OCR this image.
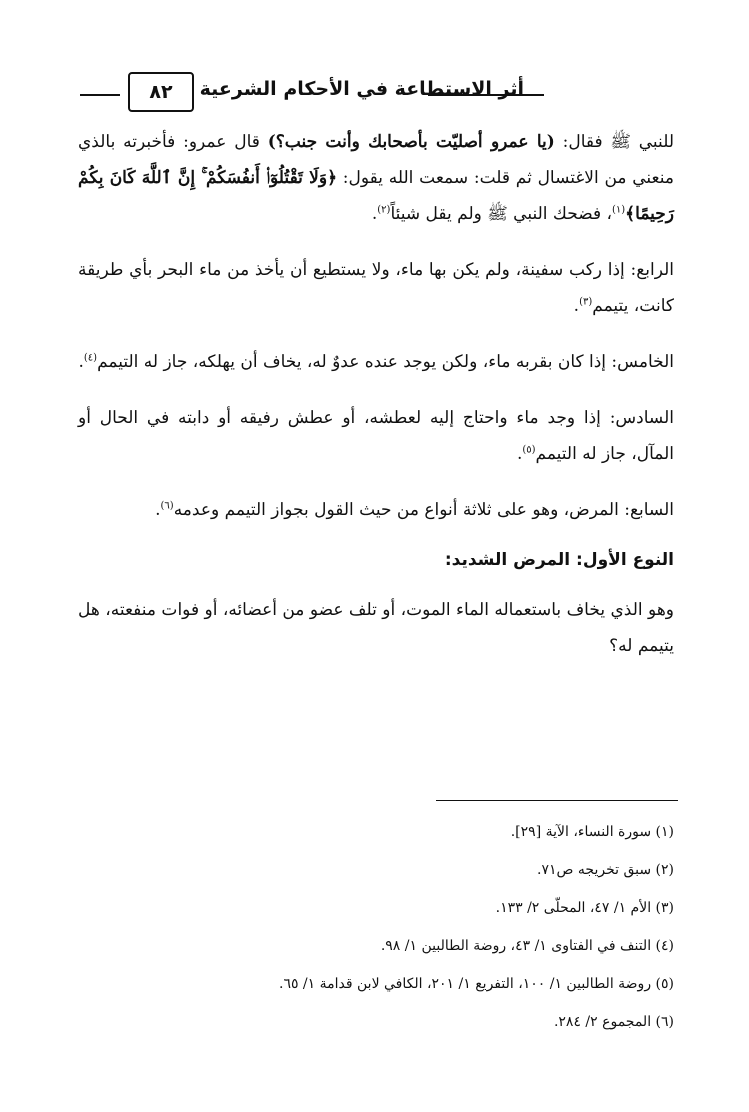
٨٢	أثر الاستطاعة في الأحكام الشرعية

للنبي ﷺ فقال: (يا عمرو أصليّت بأصحابك وأنت جنب؟) قال عمرو: فأخبرته بالذي منعني من الاغتسال ثم قلت: سمعت الله يقول: ﴿وَلَا تَقْتُلُوٓا۟ أَنفُسَكُمْ ۚ إِنَّ ٱللَّهَ كَانَ بِكُمْ رَحِيمًا﴾$^{(١)}$، فضحك النبي ﷺ ولم يقل شيئاً$^{(٢)}$.

الرابع: إذا ركب سفينة، ولم يكن بها ماء، ولا يستطيع أن يأخذ من ماء البحر بأي طريقة كانت، يتيمم$^{(٣)}$.

الخامس: إذا كان بقربه ماء، ولكن يوجد عنده عدوٌ له، يخاف أن يهلكه، جاز له التيمم$^{(٤)}$.

السادس: إذا وجد ماء واحتاج إليه لعطشه، أو عطش رفيقه أو دابته في الحال أو المآل، جاز له التيمم$^{(٥)}$.

السابع: المرض، وهو على ثلاثة أنواع من حيث القول بجواز التيمم وعدمه$^{(٦)}$.

النوع الأول: المرض الشديد:

وهو الذي يخاف باستعماله الماء الموت، أو تلف عضو من أعضائه، أو فوات منفعته، هل يتيمم له؟

(١) سورة النساء، الآية [٢٩].

(٢) سبق تخريجه ص٧١.

(٣) الأم ١/ ٤٧، المحلّى ٢/ ١٣٣.

(٤) التنف في الفتاوى ١/ ٤٣، روضة الطالبين ١/ ٩٨.

(٥) روضة الطالبين ١/ ١٠٠، التفريع ١/ ٢٠١، الكافي لابن قدامة ١/ ٦٥.

(٦) المجموع ٢/ ٢٨٤.
